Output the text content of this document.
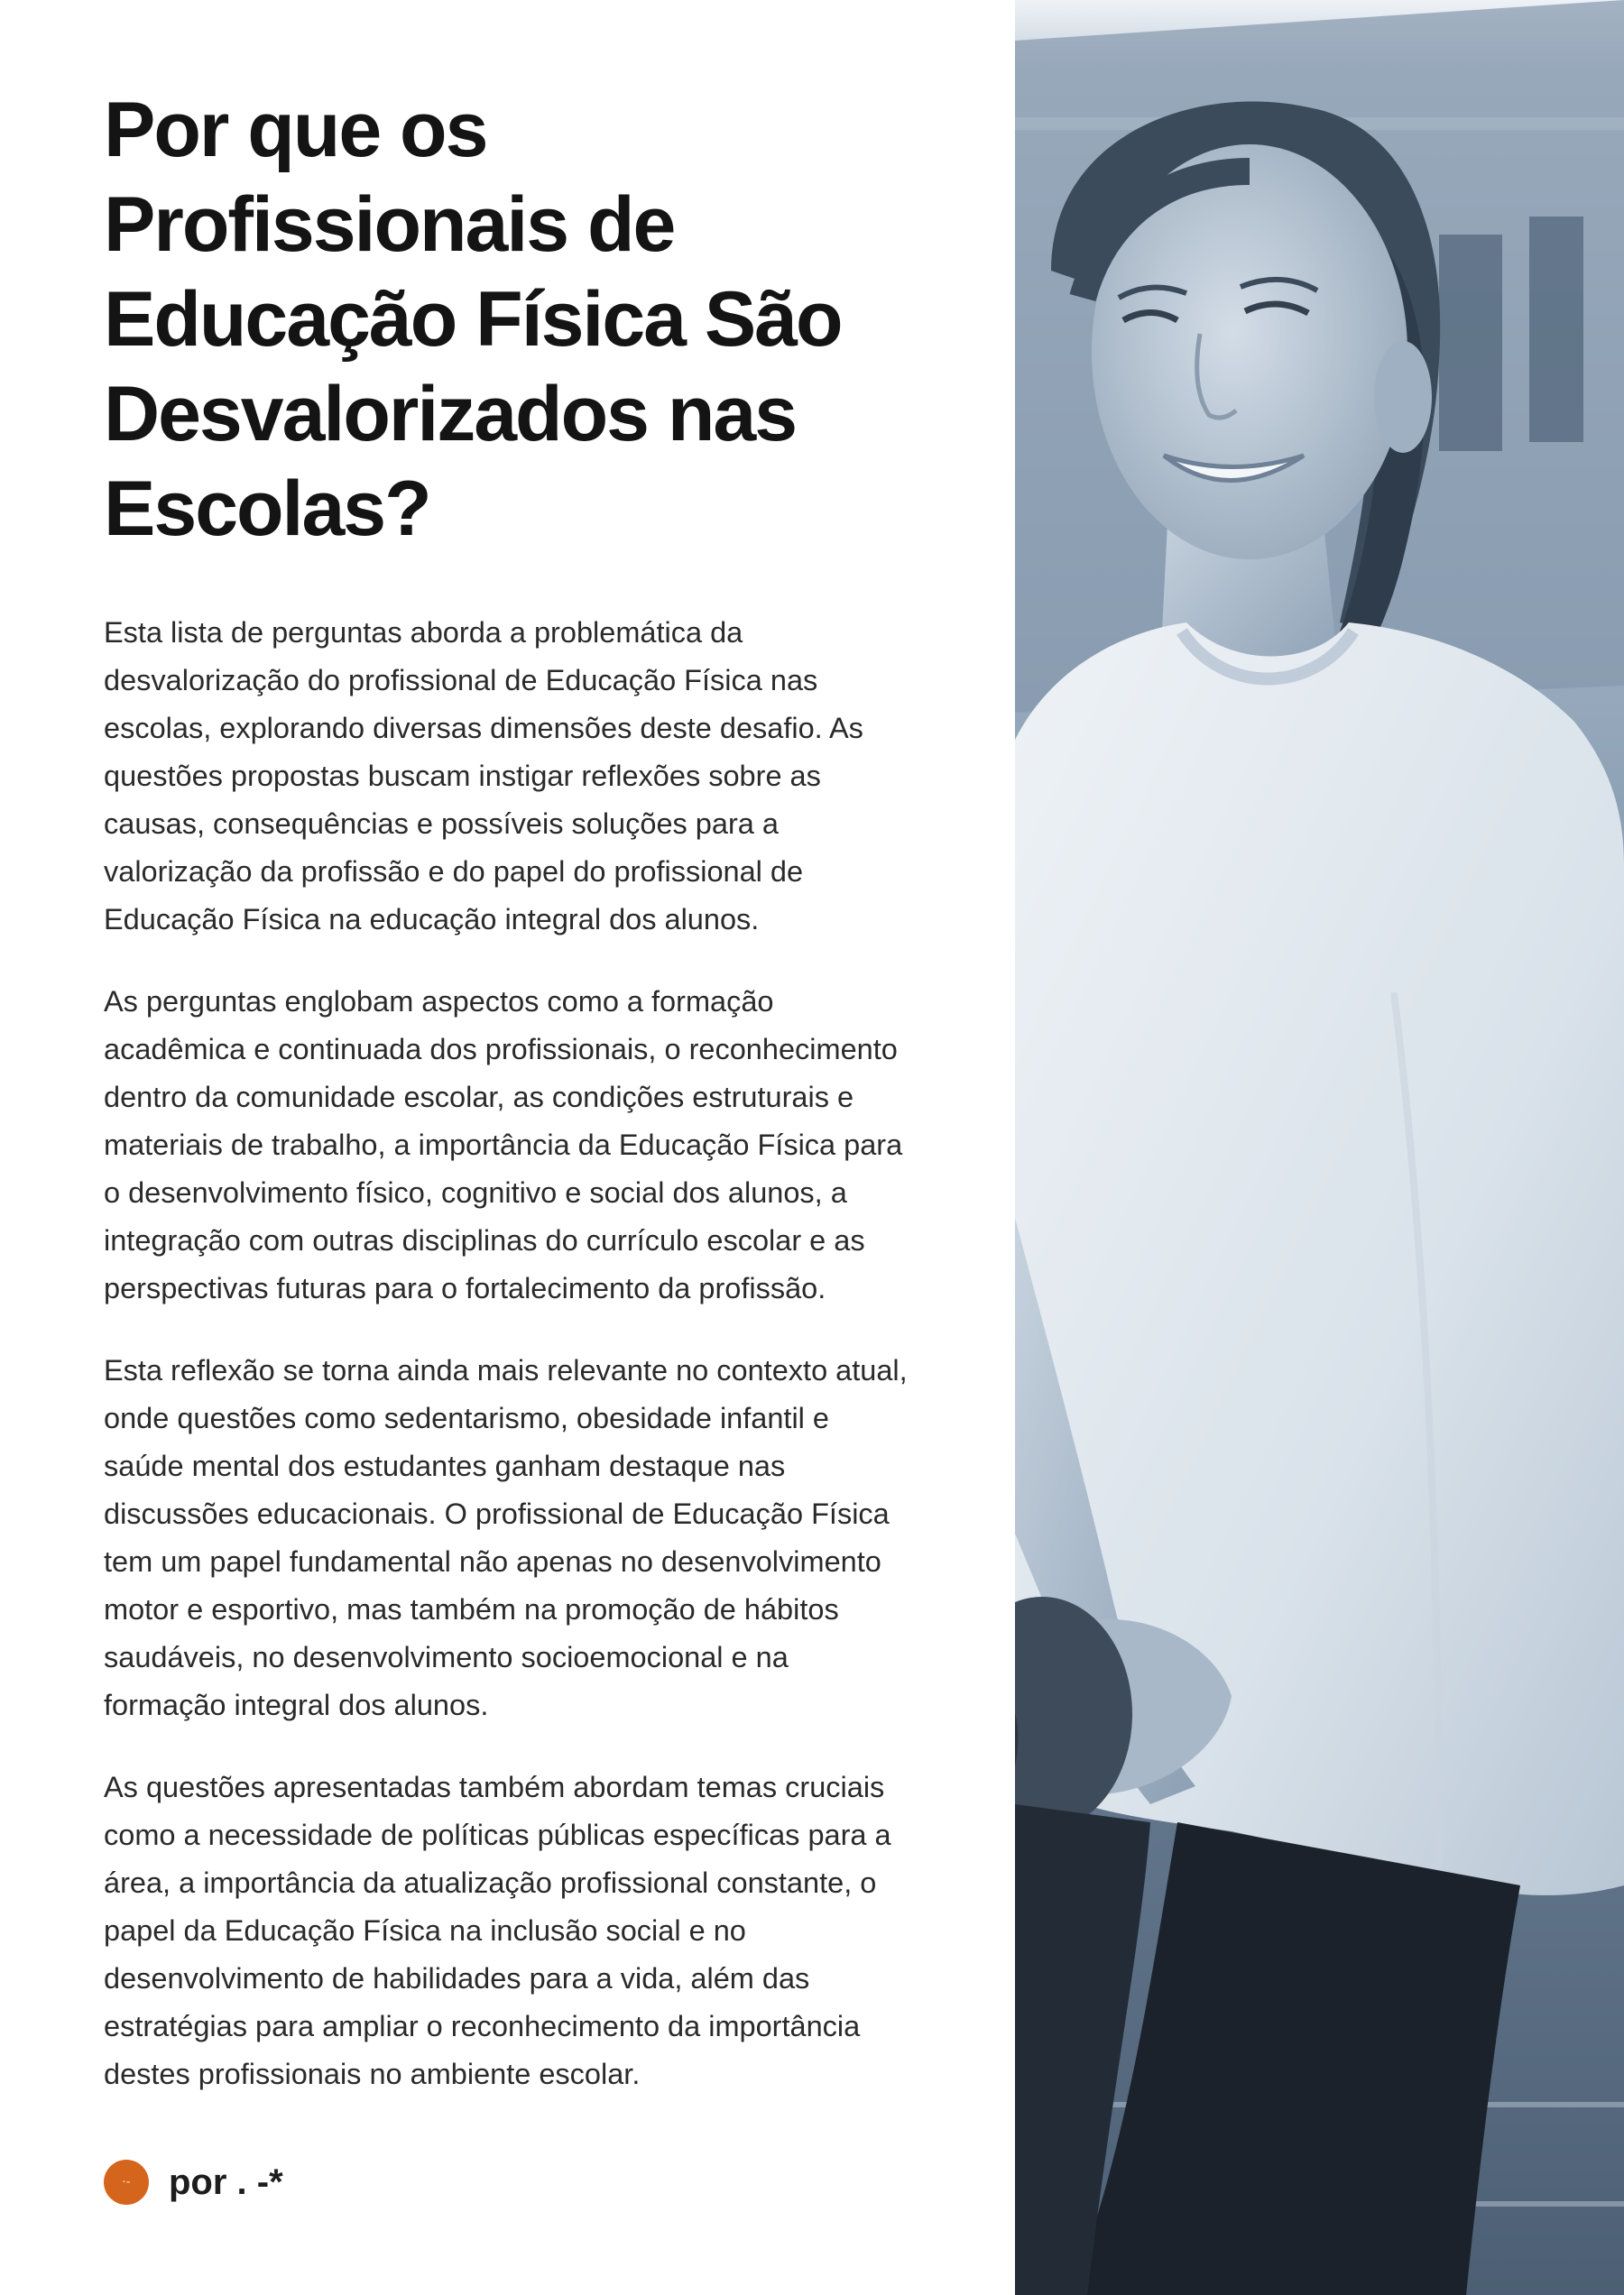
Por que os
Profissionais de
Educação Física São
Desvalorizados nas
Escolas?

Esta lista de perguntas aborda a problemática da desvalorização do profissional de Educação Física nas escolas, explorando diversas dimensões deste desafio. As questões propostas buscam instigar reflexões sobre as causas, consequências e possíveis soluções para a valorização da profissão e do papel do profissional de Educação Física na educação integral dos alunos.

As perguntas englobam aspectos como a formação acadêmica e continuada dos profissionais, o reconhecimento dentro da comunidade escolar, as condições estruturais e materiais de trabalho, a importância da Educação Física para o desenvolvimento físico, cognitivo e social dos alunos, a integração com outras disciplinas do currículo escolar e as perspectivas futuras para o fortalecimento da profissão.

Esta reflexão se torna ainda mais relevante no contexto atual, onde questões como sedentarismo, obesidade infantil e saúde mental dos estudantes ganham destaque nas discussões educacionais. O profissional de Educação Física tem um papel fundamental não apenas no desenvolvimento motor e esportivo, mas também na promoção de hábitos saudáveis, no desenvolvimento socioemocional e na formação integral dos alunos.

As questões apresentadas também abordam temas cruciais como a necessidade de políticas públicas específicas para a área, a importância da atualização profissional constante, o papel da Educação Física na inclusão social e no desenvolvimento de habilidades para a vida, além das estratégias para ampliar o reconhecimento da importância destes profissionais no ambiente escolar.

·- por . -*
